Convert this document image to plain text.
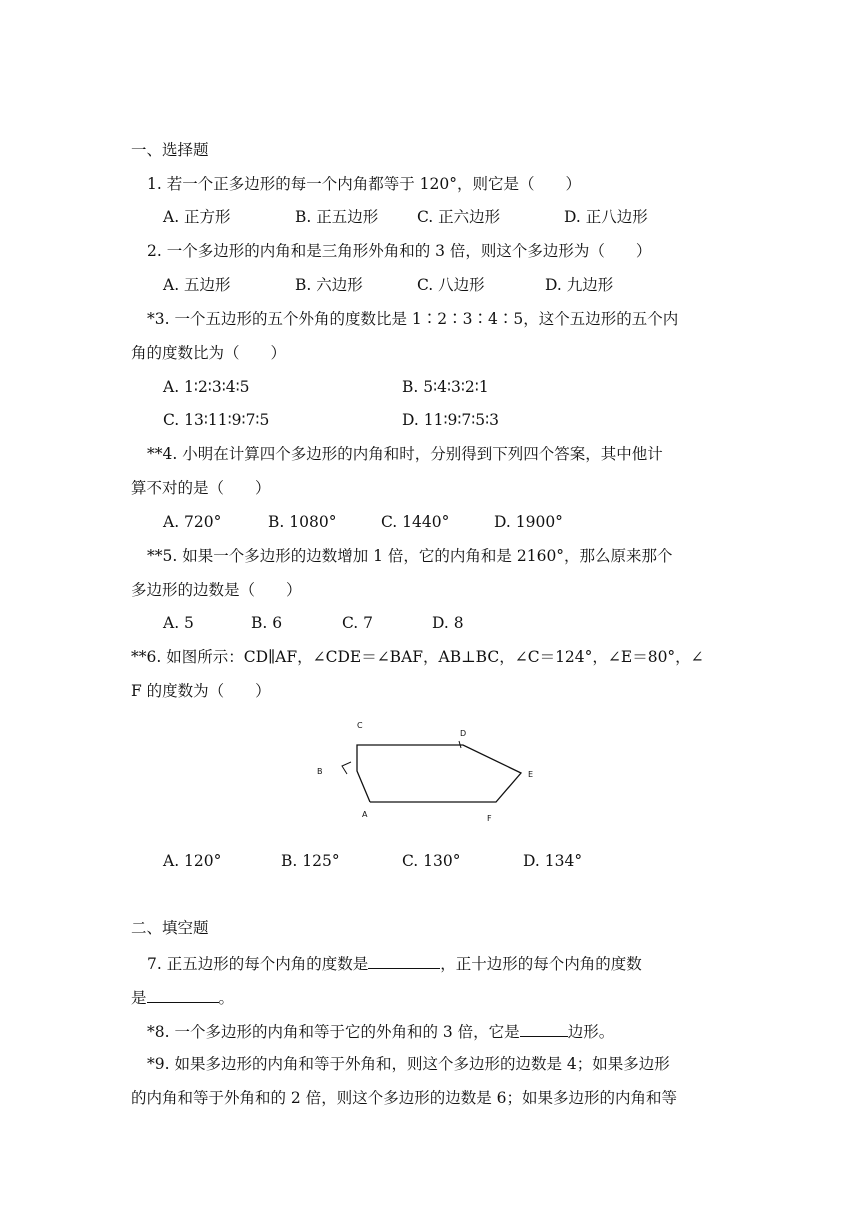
一、选择题
1. 若一个正多边形的每一个内角都等于 120°，则它是（　　）
A. 正方形	B. 正五边形	C. 正六边形	D. 正八边形
2. 一个多边形的内角和是三角形外角和的 3 倍，则这个多边形为（　　）
A. 五边形	B. 六边形	C. 八边形	D. 九边形
*3. 一个五边形的五个外角的度数比是 1∶2∶3∶4∶5，这个五边形的五个内
角的度数比为（　　）
A. 1∶2∶3∶4∶5	B. 5∶4∶3∶2∶1
C. 13∶11∶9∶7∶5	D. 11∶9∶7∶5∶3
**4. 小明在计算四个多边形的内角和时，分别得到下列四个答案，其中他计
算不对的是（　　）
A. 720°	B. 1080°	C. 1440°	D. 1900°
**5. 如果一个多边形的边数增加 1 倍，它的内角和是 2160°，那么原来那个
多边形的边数是（　　）
A. 5	B. 6	C. 7	D. 8
**6. 如图所示：CD∥AF，∠CDE＝∠BAF，AB⊥BC，∠C＝124°，∠E＝80°，∠
F 的度数为（　　）
C
D
B	E
A	F
A. 120°	B. 125°	C. 130°	D. 134°
二、填空题
7. 正五边形的每个内角的度数是	，正十边形的每个内角的度数
是	。
*8. 一个多边形的内角和等于它的外角和的 3 倍，它是	边形。
*9. 如果多边形的内角和等于外角和，则这个多边形的边数是 4；如果多边形
的内角和等于外角和的 2 倍，则这个多边形的边数是 6；如果多边形的内角和等
